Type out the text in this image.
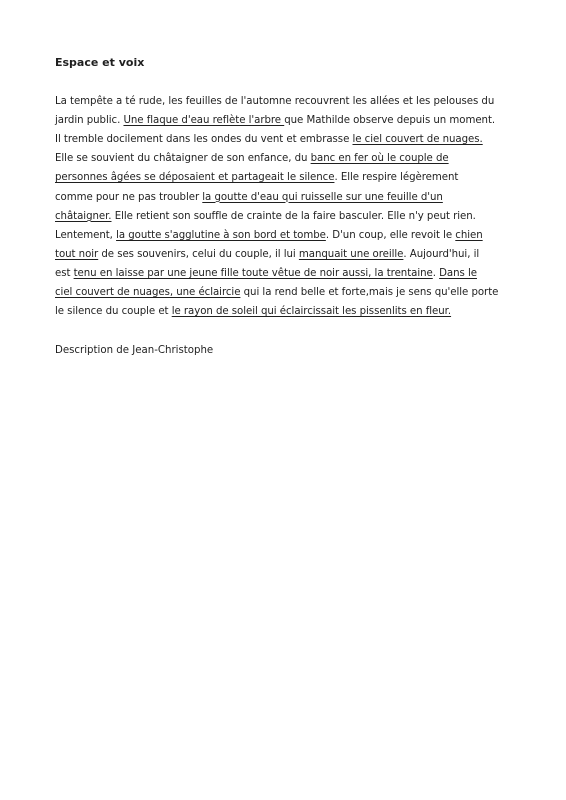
Espace et voix
La tempête a té rude, les feuilles de l'automne recouvrent les allées et les pelouses du
jardin public. Une flaque d'eau reflète l'arbre que Mathilde observe depuis un moment.
Il tremble docilement dans les ondes du vent et embrasse le ciel couvert de nuages.
Elle se souvient du châtaigner de son enfance, du banc en fer où le couple de
personnes âgées se déposaient et partageait le silence. Elle respire légèrement
comme pour ne pas troubler la goutte d'eau qui ruisselle sur une feuille d'un
châtaigner. Elle retient son souffle de crainte de la faire basculer. Elle n'y peut rien.
Lentement, la goutte s'agglutine à son bord et tombe. D'un coup, elle revoit le chien
tout noir de ses souvenirs, celui du couple, il lui manquait une oreille. Aujourd'hui, il
est tenu en laisse par une jeune fille toute vêtue de noir aussi, la trentaine. Dans le
ciel couvert de nuages, une éclaircie qui la rend belle et forte,mais je sens qu'elle porte
le silence du couple et le rayon de soleil qui éclaircissait les pissenlits en fleur.
Description de Jean-Christophe
